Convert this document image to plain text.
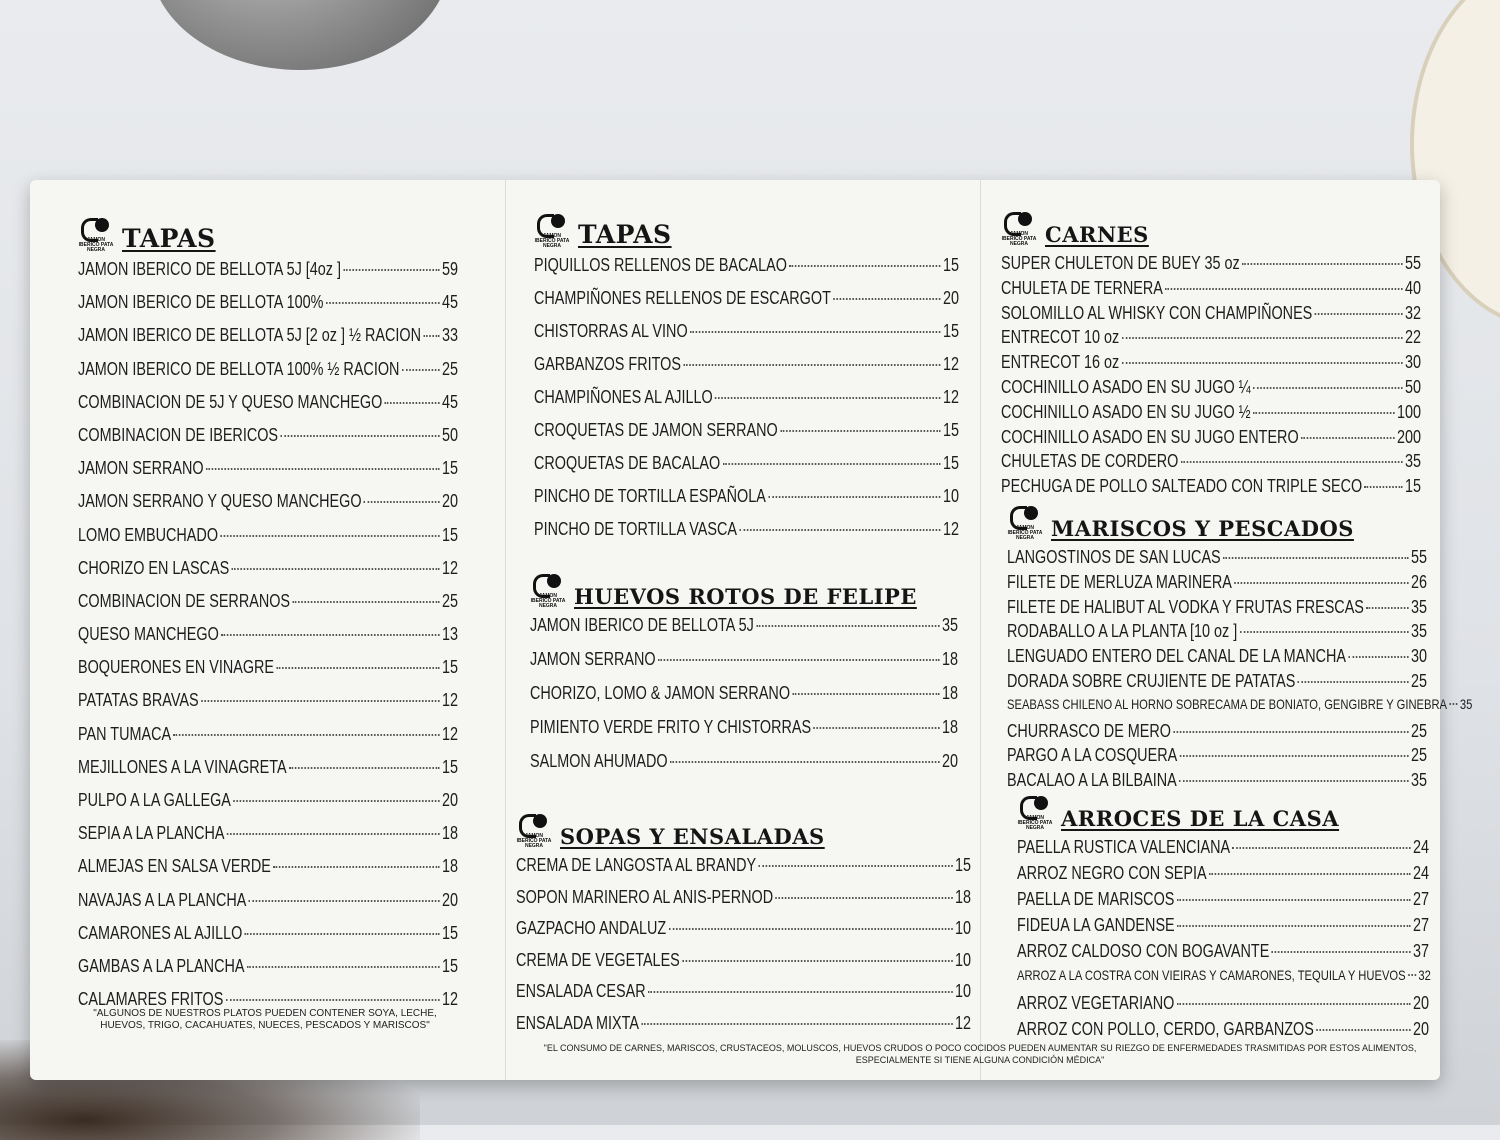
JAMON IBERICO PATA NEGRA TAPAS
JAMON IBERICO DE BELLOTA 5J [4oz ]	59
JAMON IBERICO DE BELLOTA 100%	45
JAMON IBERICO DE BELLOTA 5J [2 oz ] ½ RACION 33
JAMON IBERICO DE BELLOTA 100% ½ RACION 25
COMBINACION DE 5J Y QUESO MANCHEGO	45
COMBINACION DE IBERICOS	50
JAMON SERRANO	15
JAMON SERRANO Y QUESO MANCHEGO	20
LOMO EMBUCHADO	15
CHORIZO EN LASCAS	12
COMBINACION DE SERRANOS	25
QUESO MANCHEGO	13
BOQUERONES EN VINAGRE	15
PATATAS BRAVAS	12
PAN TUMACA	12
MEJILLONES A LA VINAGRETA	15
PULPO A LA GALLEGA	20
SEPIA A LA PLANCHA	18
ALMEJAS EN SALSA VERDE	18
NAVAJAS A LA PLANCHA	20
CAMARONES AL AJILLO	15
GAMBAS A LA PLANCHA	15
CALAMARES FRITOS	12
"ALGUNOS DE NUESTROS PLATOS PUEDEN CONTENER SOYA, LECHE, HUEVOS, TRIGO, CACAHUATES, NUECES, PESCADOS Y MARISCOS"
JAMON IBERICO PATA NEGRA TAPAS
PIQUILLOS RELLENOS DE BACALAO	15
CHAMPIÑONES RELLENOS DE ESCARGOT	20
CHISTORRAS AL VINO	15
GARBANZOS FRITOS	12
CHAMPIÑONES AL AJILLO	12
CROQUETAS DE JAMON SERRANO	15
CROQUETAS DE BACALAO	15
PINCHO DE TORTILLA ESPAÑOLA	10
PINCHO DE TORTILLA VASCA	12
JAMON IBERICO PATA NEGRA HUEVOS ROTOS DE FELIPE
JAMON IBERICO DE BELLOTA 5J	35
JAMON SERRANO	18
CHORIZO, LOMO & JAMON SERRANO	18
PIMIENTO VERDE FRITO Y CHISTORRAS	18
SALMON AHUMADO	20
JAMON IBERICO PATA NEGRA SOPAS Y ENSALADAS
CREMA DE LANGOSTA AL BRANDY	15
SOPON MARINERO AL ANIS-PERNOD	18
GAZPACHO ANDALUZ	10
CREMA DE VEGETALES	10
ENSALADA CESAR	10
ENSALADA MIXTA	12
JAMON IBERICO PATA NEGRA CARNES
SUPER CHULETON DE BUEY 35 oz	55
CHULETA DE TERNERA	40
SOLOMILLO AL WHISKY CON CHAMPIÑONES	32
ENTRECOT 10 oz	22
ENTRECOT 16 oz	30
COCHINILLO ASADO EN SU JUGO ¼	50
COCHINILLO ASADO EN SU JUGO ½	100
COCHINILLO ASADO EN SU JUGO ENTERO	200
CHULETAS DE CORDERO	35
PECHUGA DE POLLO SALTEADO CON TRIPLE SECO 15
JAMON IBERICO PATA NEGRA MARISCOS Y PESCADOS
LANGOSTINOS DE SAN LUCAS	55
FILETE DE MERLUZA MARINERA	26
FILETE DE HALIBUT AL VODKA Y FRUTAS FRESCAS	35
RODABALLO A LA PLANTA [10 oz ]	35
LENGUADO ENTERO DEL CANAL DE LA MANCHA	30
DORADA SOBRE CRUJIENTE DE PATATAS	25
SEABASS CHILENO AL HORNO SOBRECAMA DE BONIATO, GENGIBRE Y GINEBRA 35
CHURRASCO DE MERO	25
PARGO A LA COSQUERA	25
BACALAO A LA BILBAINA	35
JAMON IBERICO PATA NEGRA ARROCES DE LA CASA
PAELLA RUSTICA VALENCIANA	24
ARROZ NEGRO CON SEPIA	24
PAELLA DE MARISCOS	27
FIDEUA LA GANDENSE	27
ARROZ CALDOSO CON BOGAVANTE	37
ARROZ A LA COSTRA CON VIEIRAS Y CAMARONES, TEQUILA Y HUEVOS 32
ARROZ VEGETARIANO	20
ARROZ CON POLLO, CERDO, GARBANZOS	20
"EL CONSUMO DE CARNES, MARISCOS, CRUSTACEOS, MOLUSCOS, HUEVOS CRUDOS O POCO COCIDOS PUEDEN AUMENTAR SU RIEZGO DE ENFERMEDADES TRASMITIDAS POR ESTOS ALIMENTOS, ESPECIALMENTE SI TIENE ALGUNA CONDICIÓN MÉDICA"
